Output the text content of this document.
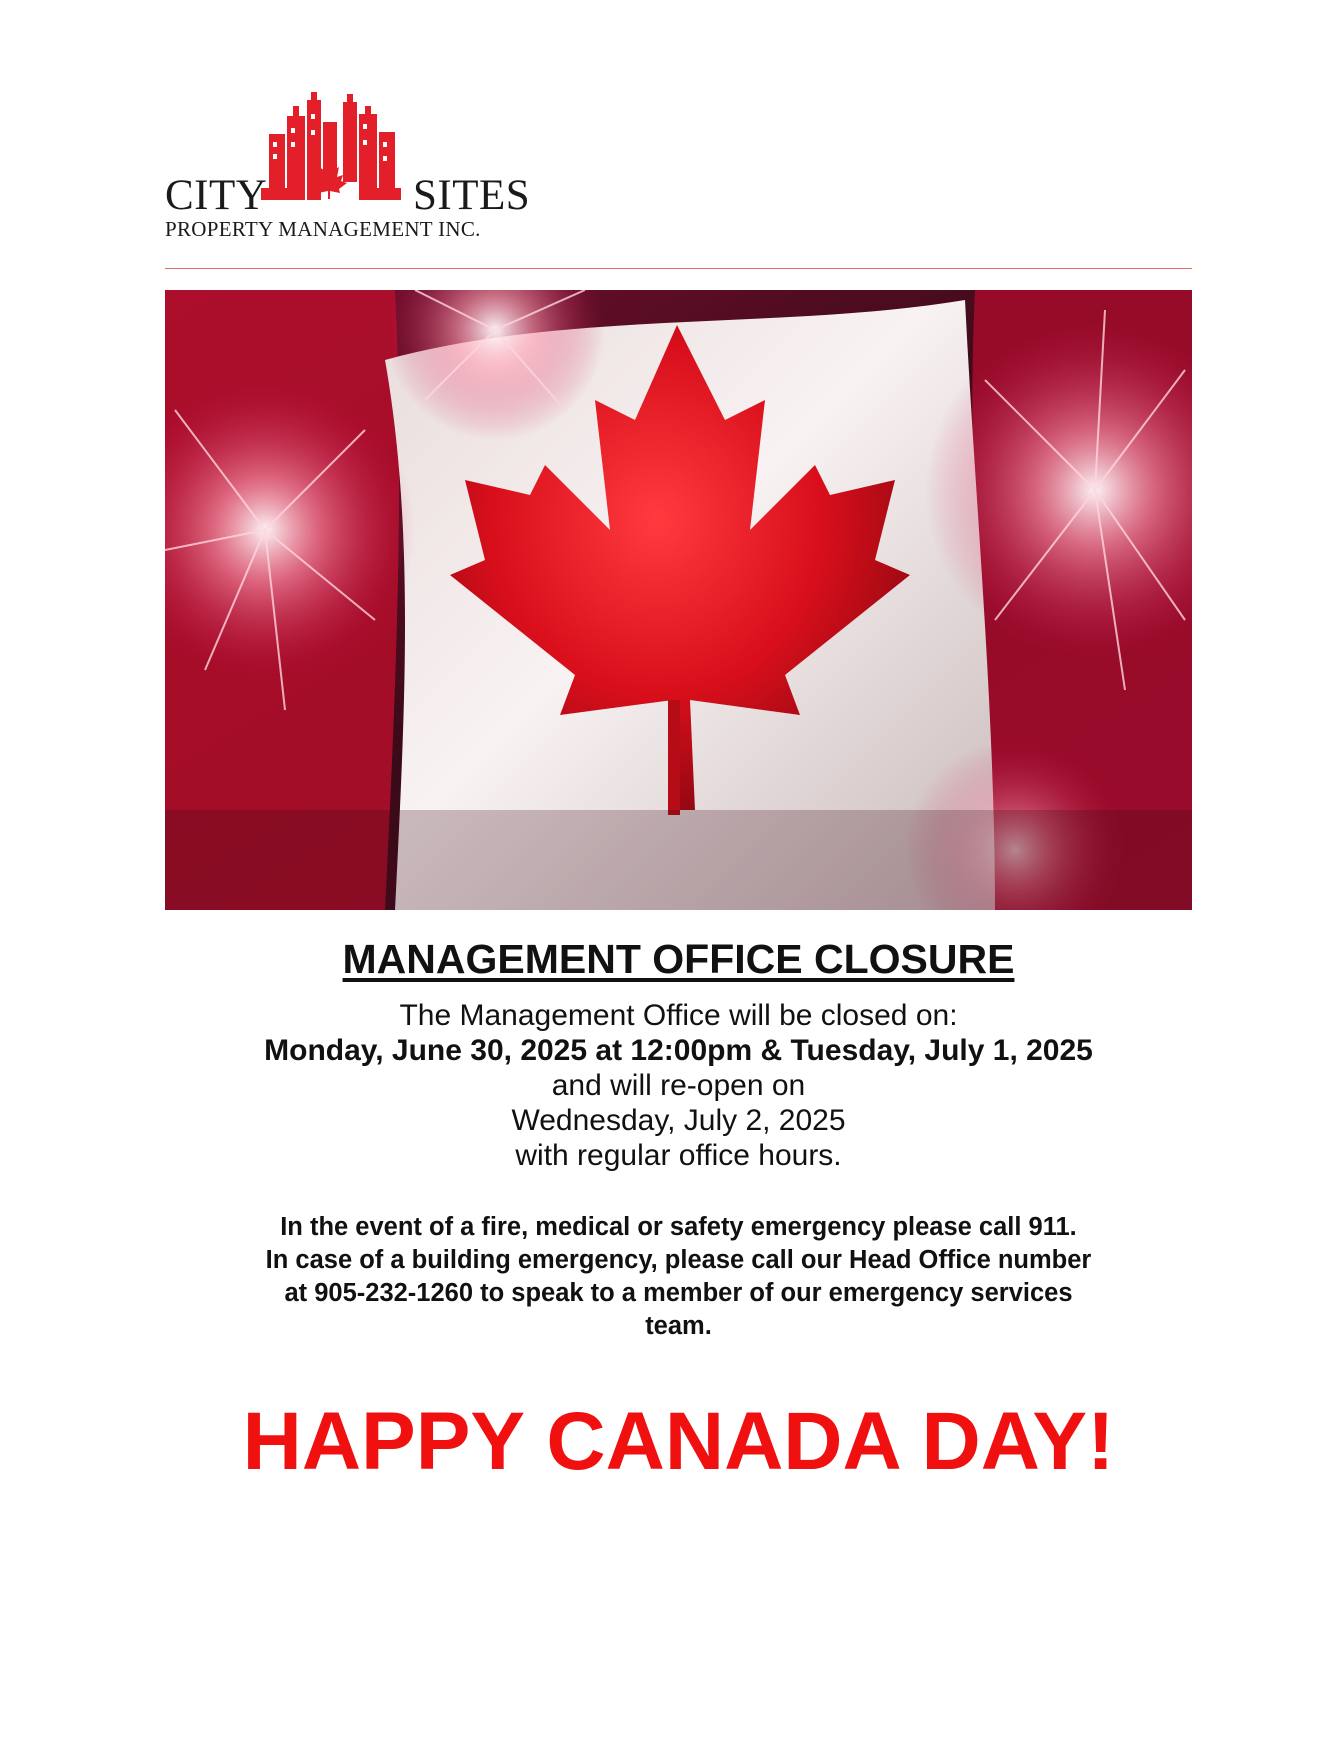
CITY	SITES
PROPERTY MANAGEMENT INC.
MANAGEMENT OFFICE CLOSURE
The Management Office will be closed on:
Monday, June 30, 2025 at 12:00pm & Tuesday, July 1, 2025
and will re-open on
Wednesday, July 2, 2025
with regular office hours.
In the event of a fire, medical or safety emergency please call 911.
In case of a building emergency, please call our Head Office number
at 905-232-1260 to speak to a member of our emergency services
team.
HAPPY CANADA DAY!
